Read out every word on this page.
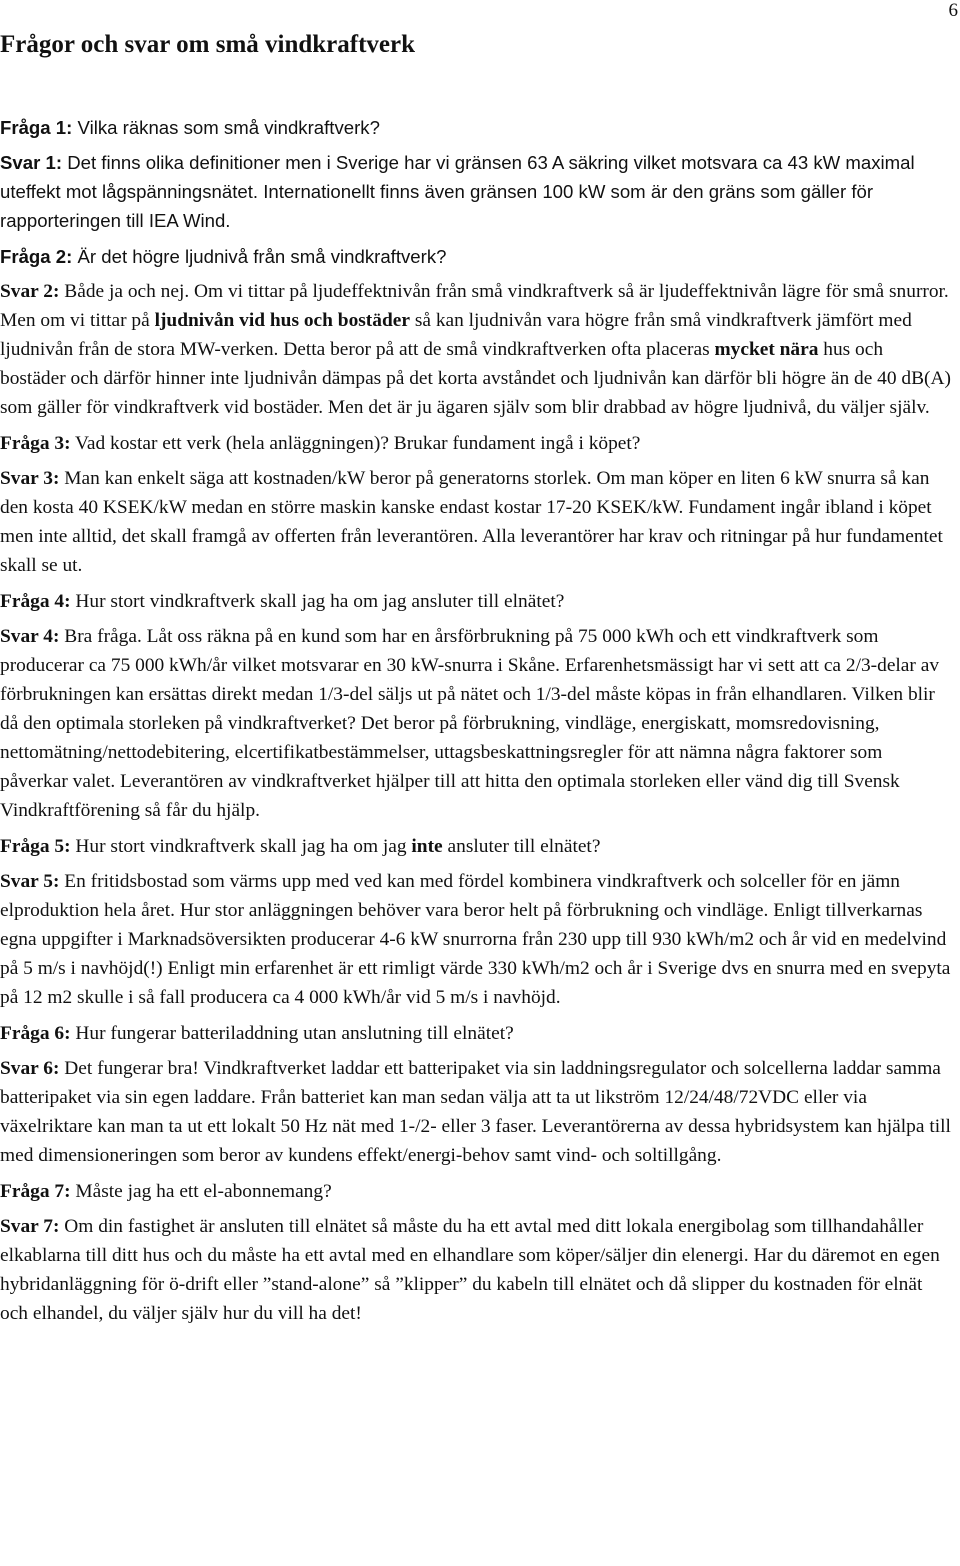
6
Frågor och svar om små vindkraftverk

Fråga 1: Vilka räknas som små vindkraftverk?

Svar 1: Det finns olika definitioner men i Sverige har vi gränsen 63 A säkring vilket motsvara ca 43 kW maximal uteffekt mot lågspänningsnätet. Internationellt finns även gränsen 100 kW som är den gräns som gäller för rapporteringen till IEA Wind.

Fråga 2: Är det högre ljudnivå från små vindkraftverk?

Svar 2: Både ja och nej. Om vi tittar på ljudeffektnivån från små vindkraftverk så är ljudeffektnivån lägre för små snurror. Men om vi tittar på ljudnivån vid hus och bostäder så kan ljudnivån vara högre från små vindkraftverk jämfört med ljudnivån från de stora MW-verken. Detta beror på att de små vindkraftverken ofta placeras mycket nära hus och bostäder och därför hinner inte ljudnivån dämpas på det korta avståndet och ljudnivån kan därför bli högre än de 40 dB(A) som gäller för vindkraftverk vid bostäder. Men det är ju ägaren själv som blir drabbad av högre ljudnivå, du väljer själv.

Fråga 3: Vad kostar ett verk (hela anläggningen)? Brukar fundament ingå i köpet?

Svar 3: Man kan enkelt säga att kostnaden/kW beror på generatorns storlek. Om man köper en liten 6 kW snurra så kan den kosta 40 KSEK/kW medan en större maskin kanske endast kostar 17-20 KSEK/kW. Fundament ingår ibland i köpet men inte alltid, det skall framgå av offerten från leverantören. Alla leverantörer har krav och ritningar på hur fundamentet skall se ut.

Fråga 4: Hur stort vindkraftverk skall jag ha om jag ansluter till elnätet?

Svar 4: Bra fråga. Låt oss räkna på en kund som har en årsförbrukning på 75 000 kWh och ett vindkraftverk som producerar ca 75 000 kWh/år vilket motsvarar en 30 kW-snurra i Skåne. Erfarenhetsmässigt har vi sett att ca 2/3-delar av förbrukningen kan ersättas direkt medan 1/3-del säljs ut på nätet och 1/3-del måste köpas in från elhandlaren. Vilken blir då den optimala storleken på vindkraftverket? Det beror på förbrukning, vindläge, energiskatt, momsredovisning, nettomätning/nettodebitering, elcertifikatbestämmelser, uttagsbeskattningsregler för att nämna några faktorer som påverkar valet. Leverantören av vindkraftverket hjälper till att hitta den optimala storleken eller vänd dig till Svensk Vindkraftförening så får du hjälp.

Fråga 5: Hur stort vindkraftverk skall jag ha om jag inte ansluter till elnätet?

Svar 5: En fritidsbostad som värms upp med ved kan med fördel kombinera vindkraftverk och solceller för en jämn elproduktion hela året. Hur stor anläggningen behöver vara beror helt på förbrukning och vindläge. Enligt tillverkarnas egna uppgifter i Marknadsöversikten producerar 4-6 kW snurrorna från 230 upp till 930 kWh/m2 och år vid en medelvind på 5 m/s i navhöjd(!) Enligt min erfarenhet är ett rimligt värde 330 kWh/m2 och år i Sverige dvs en snurra med en svepyta på 12 m2 skulle i så fall producera ca 4 000 kWh/år vid 5 m/s i navhöjd.

Fråga 6: Hur fungerar batteriladdning utan anslutning till elnätet?

Svar 6: Det fungerar bra! Vindkraftverket laddar ett batteripaket via sin laddningsregulator och solcellerna laddar samma batteripaket via sin egen laddare. Från batteriet kan man sedan välja att ta ut likström 12/24/48/72VDC eller via växelriktare kan man ta ut ett lokalt 50 Hz nät med 1-/2- eller 3 faser. Leverantörerna av dessa hybridsystem kan hjälpa till med dimensioneringen som beror av kundens effekt/energi-behov samt vind- och soltillgång.

Fråga 7: Måste jag ha ett el-abonnemang?

Svar 7: Om din fastighet är ansluten till elnätet så måste du ha ett avtal med ditt lokala energibolag som tillhandahåller elkablarna till ditt hus och du måste ha ett avtal med en elhandlare som köper/säljer din elenergi. Har du däremot en egen hybridanläggning för ö-drift eller ”stand-alone” så ”klipper” du kabeln till elnätet och då slipper du kostnaden för elnät och elhandel, du väljer själv hur du vill ha det!
